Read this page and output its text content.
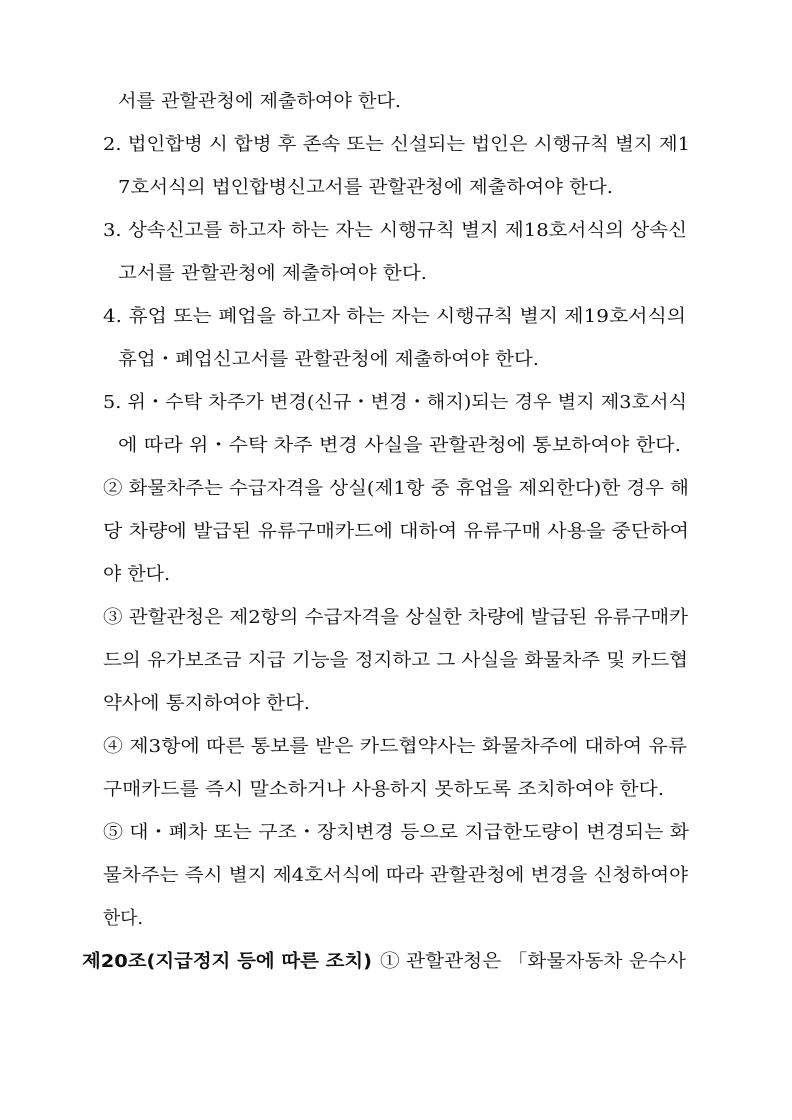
서를 관할관청에 제출하여야 한다.
2. 법인합병 시 합병 후 존속 또는 신설되는 법인은 시행규칙 별지 제1
7호서식의 법인합병신고서를 관할관청에 제출하여야 한다.
3. 상속신고를 하고자 하는 자는 시행규칙 별지 제18호서식의 상속신
고서를 관할관청에 제출하여야 한다.
4. 휴업 또는 폐업을 하고자 하는 자는 시행규칙 별지 제19호서식의
휴업・폐업신고서를 관할관청에 제출하여야 한다.
5. 위・수탁 차주가 변경(신규・변경・해지)되는 경우 별지 제3호서식
에 따라 위・수탁 차주 변경 사실을 관할관청에 통보하여야 한다.
② 화물차주는 수급자격을 상실(제1항 중 휴업을 제외한다)한 경우 해
당 차량에 발급된 유류구매카드에 대하여 유류구매 사용을 중단하여
야 한다.
③ 관할관청은 제2항의 수급자격을 상실한 차량에 발급된 유류구매카
드의 유가보조금 지급 기능을 정지하고 그 사실을 화물차주 및 카드협
약사에 통지하여야 한다.
④ 제3항에 따른 통보를 받은 카드협약사는 화물차주에 대하여 유류
구매카드를 즉시 말소하거나 사용하지 못하도록 조치하여야 한다.
⑤ 대・폐차 또는 구조・장치변경 등으로 지급한도량이 변경되는 화
물차주는 즉시 별지 제4호서식에 따라 관할관청에 변경을 신청하여야
한다.
제20조(지급정지 등에 따른 조치) ① 관할관청은 「화물자동차 운수사
